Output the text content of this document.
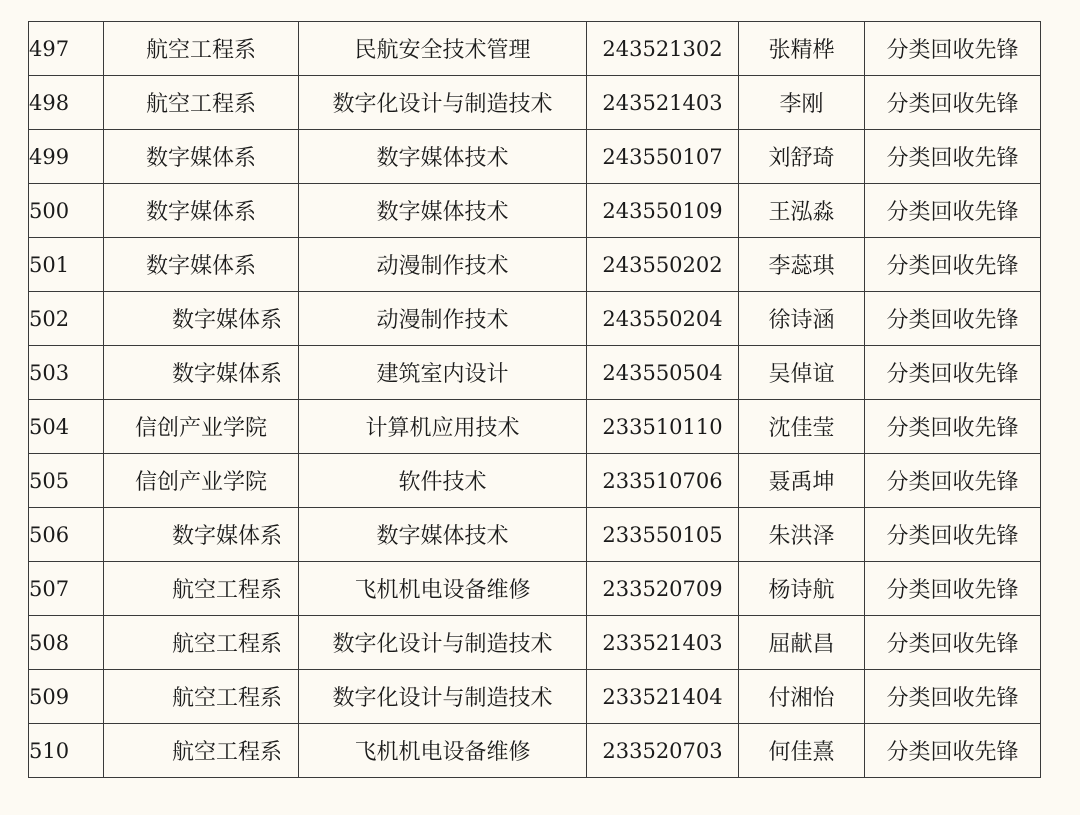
497	航空工程系	民航安全技术管理	243521302	张精桦	分类回收先锋
498	航空工程系	数字化设计与制造技术	243521403	李刚	分类回收先锋
499	数字媒体系	数字媒体技术	243550107	刘舒琦	分类回收先锋
500	数字媒体系	数字媒体技术	243550109	王泓淼	分类回收先锋
501	数字媒体系	动漫制作技术	243550202	李蕊琪	分类回收先锋
502	数字媒体系	动漫制作技术	243550204	徐诗涵	分类回收先锋
503	数字媒体系	建筑室内设计	243550504	吴倬谊	分类回收先锋
504	信创产业学院	计算机应用技术	233510110	沈佳莹	分类回收先锋
505	信创产业学院	软件技术	233510706	聂禹坤	分类回收先锋
506	数字媒体系	数字媒体技术	233550105	朱洪泽	分类回收先锋
507	航空工程系	飞机机电设备维修	233520709	杨诗航	分类回收先锋
508	航空工程系	数字化设计与制造技术	233521403	屈献昌	分类回收先锋
509	航空工程系	数字化设计与制造技术	233521404	付湘怡	分类回收先锋
510	航空工程系	飞机机电设备维修	233520703	何佳熹	分类回收先锋
